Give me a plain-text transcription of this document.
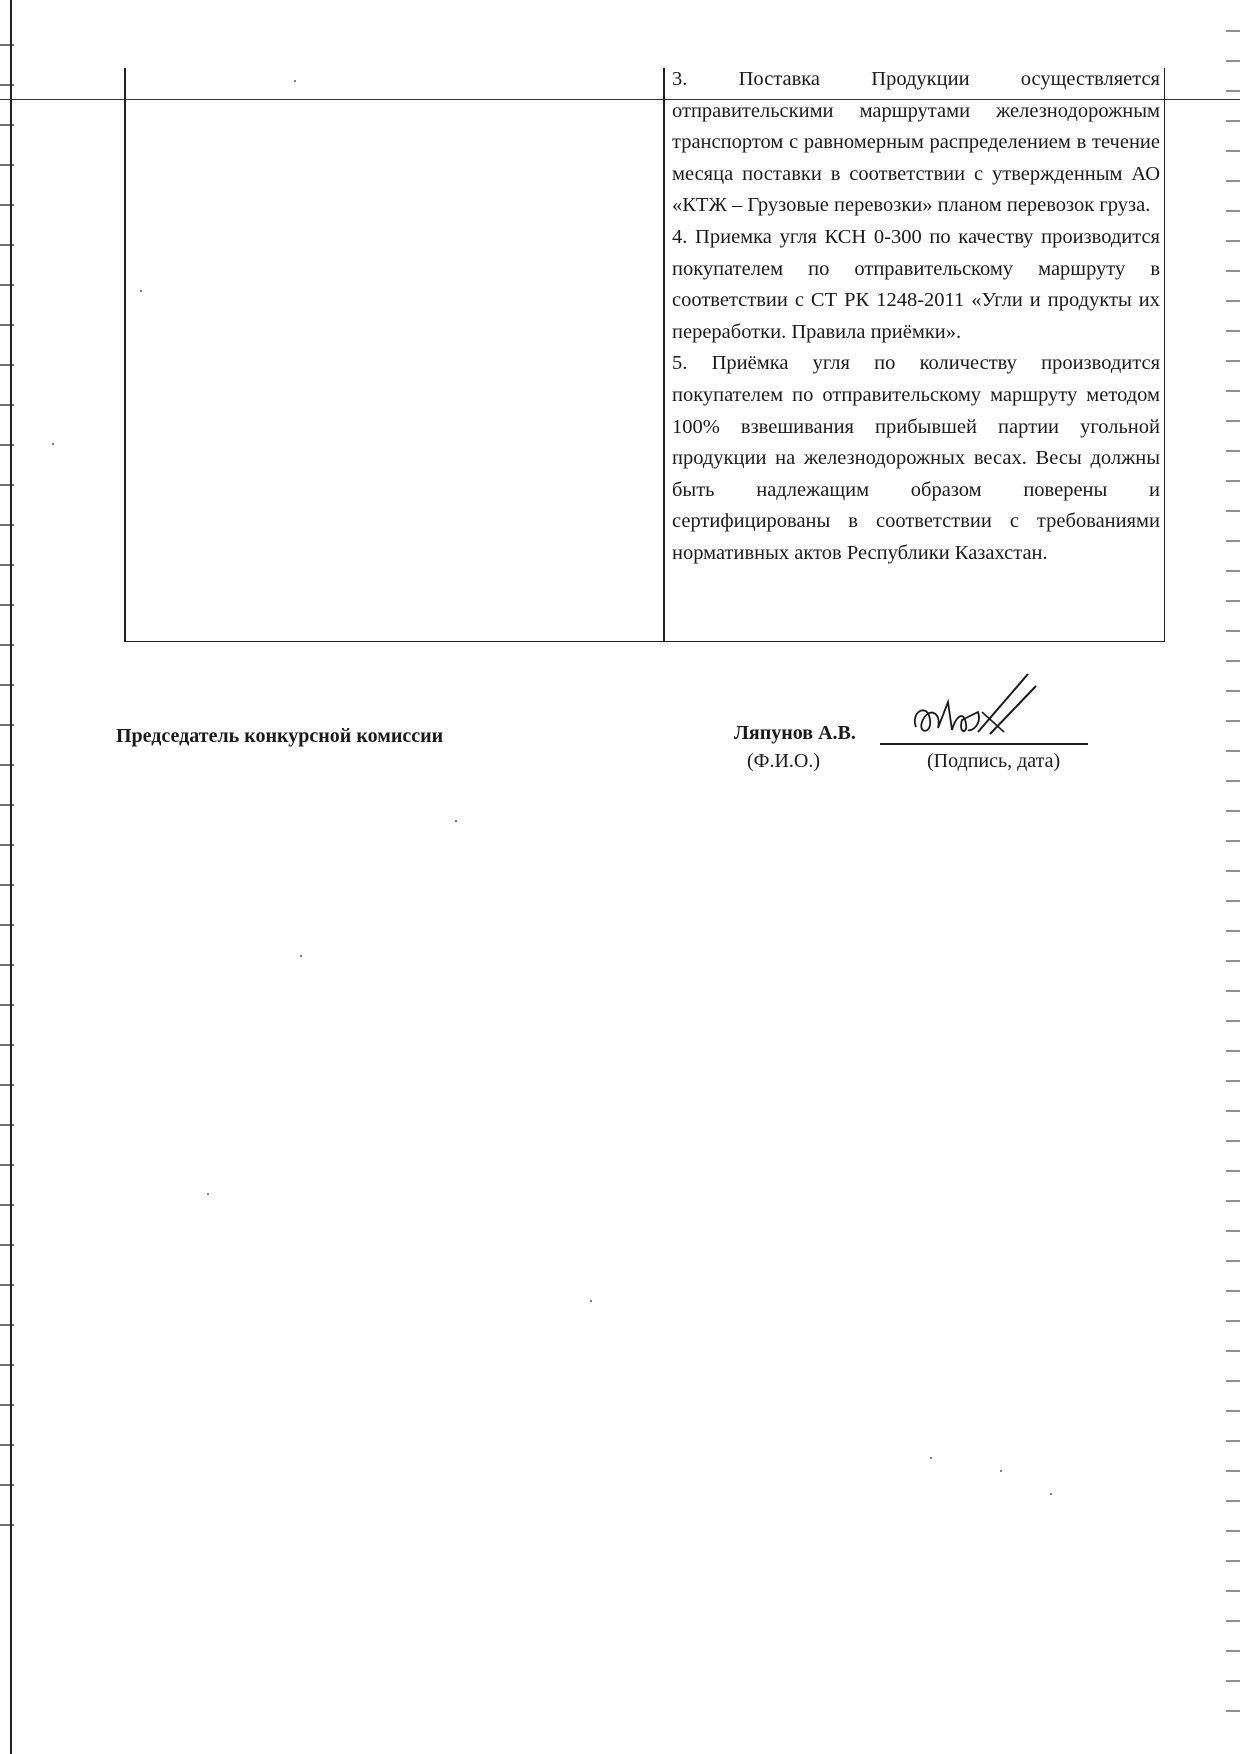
3. Поставка Продукции осуществляется отправительскими маршрутами железнодорожным транспортом с равномерным распределением в течение месяца поставки в соответствии с утвержденным АО «КТЖ – Грузовые перевозки» планом перевозок груза.

4. Приемка угля КСН 0-300 по качеству производится покупателем по отправительскому маршруту в соответствии с СТ РК 1248-2011 «Угли и продукты их переработки. Правила приёмки».

5. Приёмка угля по количеству производится покупателем по отправительскому маршруту методом 100% взвешивания прибывшей партии угольной продукции на железнодорожных весах. Весы должны быть надлежащим образом поверены и сертифицированы в соответствии с требованиями нормативных актов Республики Казахстан.

Председатель конкурсной комиссии	Ляпунов А.В.
(Ф.И.О.)	(Подпись, дата)
